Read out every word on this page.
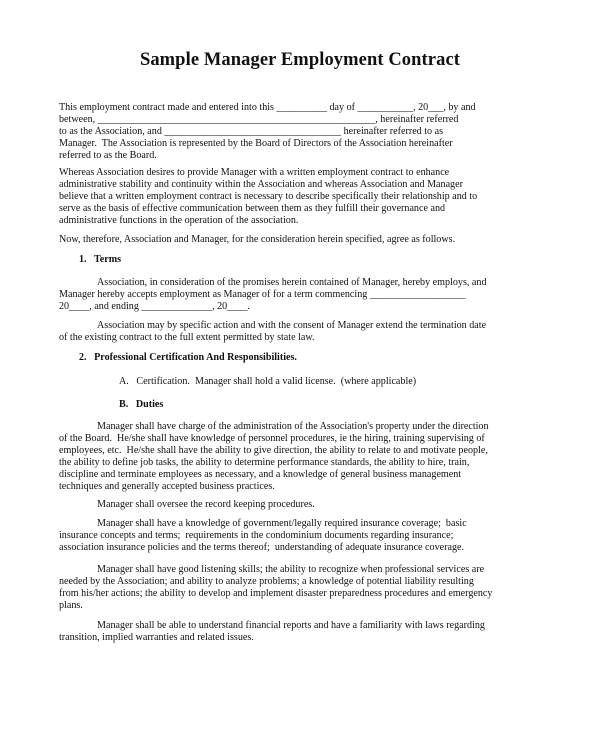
Sample Manager Employment Contract
This employment contract made and entered into this __________ day of ___________, 20___, by and
between, _______________________________________________________, hereinafter referred
to as the Association, and ___________________________________ hereinafter referred to as
Manager.  The Association is represented by the Board of Directors of the Association hereinafter
referred to as the Board.
Whereas Association desires to provide Manager with a written employment contract to enhance
administrative stability and continuity within the Association and whereas Association and Manager
believe that a written employment contract is necessary to describe specifically their relationship and to
serve as the basis of effective communication between them as they fulfill their governance and
administrative functions in the operation of the association.
Now, therefore, Association and Manager, for the consideration herein specified, agree as follows.
1.   Terms
Association, in consideration of the promises herein contained of Manager, hereby employs, and
Manager hereby accepts employment as Manager of for a term commencing ___________________
20____, and ending ______________, 20____.
Association may by specific action and with the consent of Manager extend the termination date
of the existing contract to the full extent permitted by state law.
2.   Professional Certification And Responsibilities.
A.   Certification.  Manager shall hold a valid license.  (where applicable)
B.   Duties
Manager shall have charge of the administration of the Association's property under the direction
of the Board.  He/she shall have knowledge of personnel procedures, ie the hiring, training supervising of
employees, etc.  He/she shall have the ability to give direction, the ability to relate to and motivate people,
the ability to define job tasks, the ability to determine performance standards, the ability to hire, train,
discipline and terminate employees as necessary, and a knowledge of general business management
techniques and generally accepted business practices.
Manager shall oversee the record keeping procedures.
Manager shall have a knowledge of government/legally required insurance coverage;  basic
insurance concepts and terms;  requirements in the condominium documents regarding insurance;
association insurance policies and the terms thereof;  understanding of adequate insurance coverage.
Manager shall have good listening skills; the ability to recognize when professional services are
needed by the Association; and ability to analyze problems; a knowledge of potential liability resulting
from his/her actions; the ability to develop and implement disaster preparedness procedures and emergency
plans.
Manager shall be able to understand financial reports and have a familiarity with laws regarding
transition, implied warranties and related issues.
